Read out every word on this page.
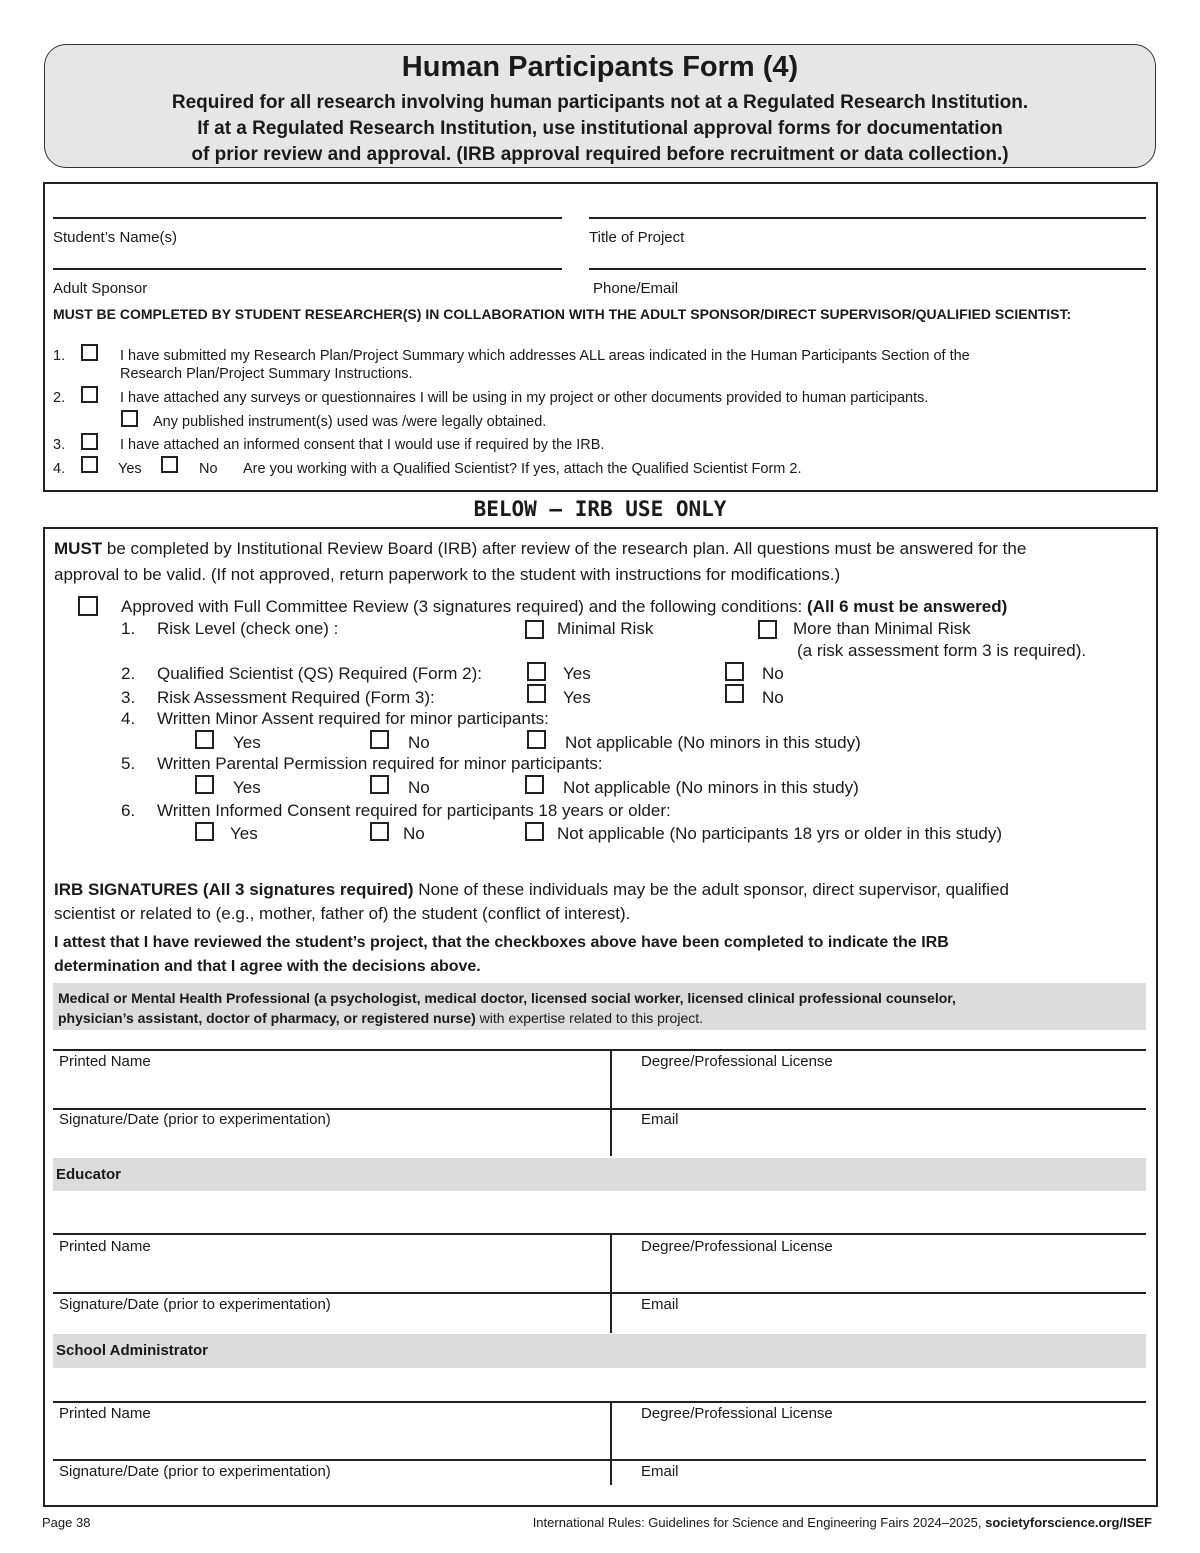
Human Participants Form (4)
Required for all research involving human participants not at a Regulated Research Institution.
If at a Regulated Research Institution, use institutional approval forms for documentation
of prior review and approval. (IRB approval required before recruitment or data collection.)
Student’s Name(s)	Title of Project
Adult Sponsor	Phone/Email
MUST BE COMPLETED BY STUDENT RESEARCHER(S) IN COLLABORATION WITH THE ADULT SPONSOR/DIRECT SUPERVISOR/QUALIFIED SCIENTIST:
1.	I have submitted my Research Plan/Project Summary which addresses ALL areas indicated in the Human Participants Section of the
Research Plan/Project Summary Instructions.
2.	I have attached any surveys or questionnaires I will be using in my project or other documents provided to human participants.
Any published instrument(s) used was /were legally obtained.
3.	I have attached an informed consent that I would use if required by the IRB.
4.	Yes	No Are you working with a Qualified Scientist? If yes, attach the Qualified Scientist Form 2.
BELOW – IRB USE ONLY
MUST be completed by Institutional Review Board (IRB) after review of the research plan. All questions must be answered for the
approval to be valid. (If not approved, return paperwork to the student with instructions for modifications.)
Approved with Full Committee Review (3 signatures required) and the following conditions: (All 6 must be answered)
1. Risk Level (check one) :	Minimal Risk	More than Minimal Risk
(a risk assessment form 3 is required).
2. Qualified Scientist (QS) Required (Form 2):	Yes	No
3. Risk Assessment Required (Form 3):	Yes	No
4. Written Minor Assent required for minor participants:
Yes	No	Not applicable (No minors in this study)
5. Written Parental Permission required for minor participants:
Yes	No	Not applicable (No minors in this study)
6. Written Informed Consent required for participants 18 years or older:
Yes	No	Not applicable (No participants 18 yrs or older in this study)
IRB SIGNATURES (All 3 signatures required) None of these individuals may be the adult sponsor, direct supervisor, qualified
scientist or related to (e.g., mother, father of) the student (conflict of interest).
I attest that I have reviewed the student’s project, that the checkboxes above have been completed to indicate the IRB
determination and that I agree with the decisions above.
Medical or Mental Health Professional (a psychologist, medical doctor, licensed social worker, licensed clinical professional counselor,
physician’s assistant, doctor of pharmacy, or registered nurse) with expertise related to this project.
Printed Name	Degree/Professional License
Signature/Date (prior to experimentation)	Email
Educator
Printed Name	Degree/Professional License
Signature/Date (prior to experimentation)	Email
School Administrator
Printed Name	Degree/Professional License
Signature/Date (prior to experimentation)	Email
Page 38	International Rules: Guidelines for Science and Engineering Fairs 2024–2025, societyforscience.org/ISEF
